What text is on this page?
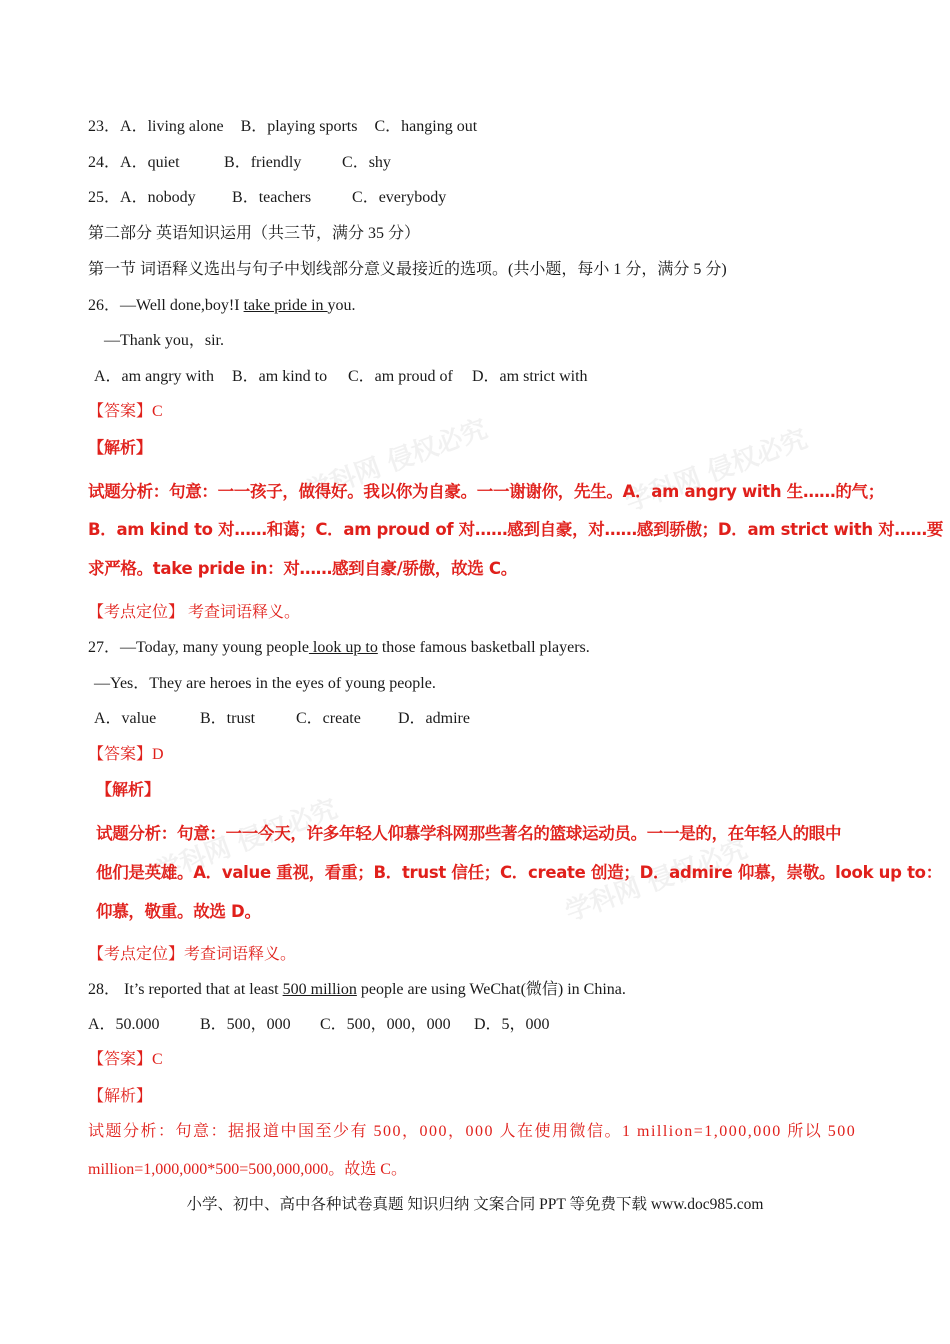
学科网 侵权必究	学科网 侵权必究
学科网 侵权必究	学科网 侵权必究
23．A．living alone B．playing sports C．hanging out
24．A．quiet	B．friendly	C．shy
25．A．nobody B．teachers	C．everybody
第二部分 英语知识运用（共三节，满分 35 分）
第一节 词语释义选出与句子中划线部分意义最接近的选项。(共小题，每小 1 分，满分 5 分)
26．—Well done,boy!I take pride in you.
—Thank you，sir.
A．am angry with B．am kind to C．am proud of D．am strict with
【答案】C
【解析】
试题分析：句意：一一孩子，做得好。我以你为自豪。一一谢谢你，先生。A．am angry with 生……的气；
B．am kind to 对……和蔼；C．am proud of 对……感到自豪，对……感到骄傲；D．am strict with 对……要
求严格。take pride in：对……感到自豪/骄傲，故选 C。
【考点定位】 考查词语释义。
27．—Today, many young people look up to those famous basketball players.
—Yes．They are heroes in the eyes of young people.
A．value	B．trust	C．create D．admire
【答案】D
【解析】
试题分析：句意：一一今天，许多年轻人仰慕学科网那些著名的篮球运动员。一一是的，在年轻人的眼中
他们是英雄。A．value 重视，看重；B．trust 信任；C．create 创造；D．admire 仰慕，崇敬。look up to：
仰慕，敬重。故选 D。
【考点定位】考查词语释义。
28． It’s reported that at least 500 million people are using WeChat(微信) in China.
A．50.000	B．500，000 C．500，000，000 D．5，000
【答案】C
【解析】
试题分析：句意：据报道中国至少有 500，000，000 人在使用微信。1 million=1,000,000 所以 500
million=1,000,000*500=500,000,000。故选 C。
小学、初中、高中各种试卷真题 知识归纳 文案合同 PPT 等免费下载 www.doc985.com
